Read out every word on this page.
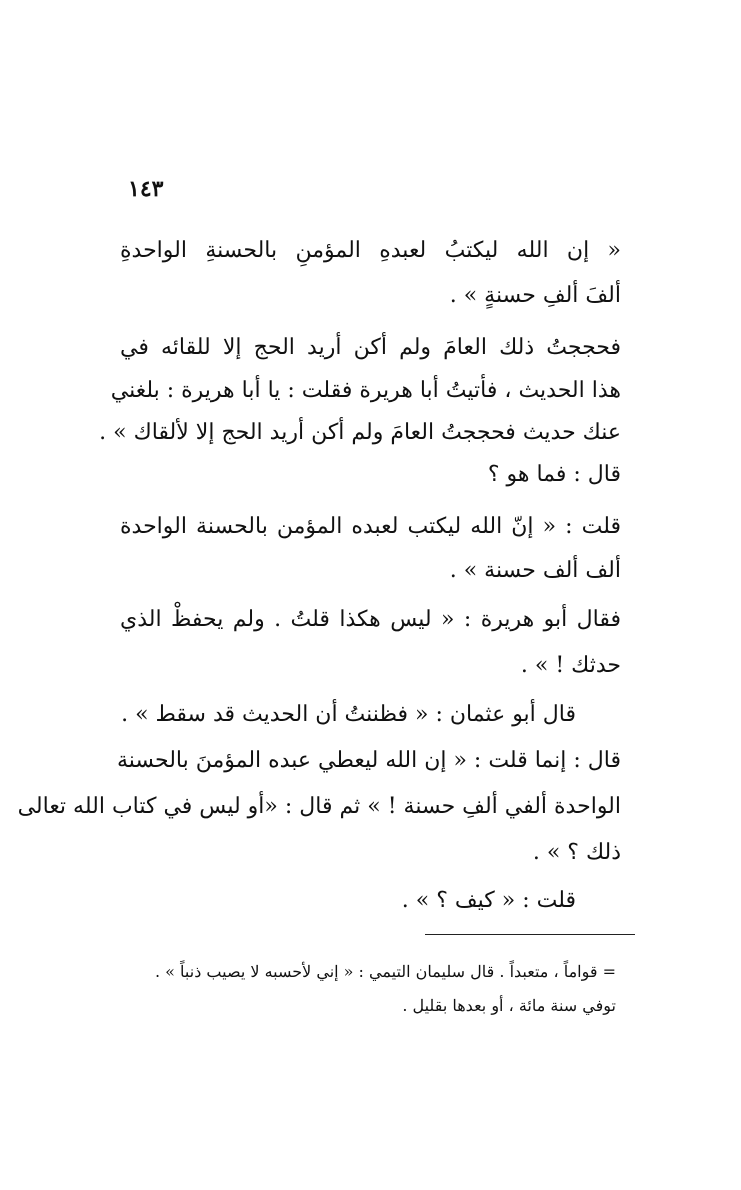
١٤٣
« إن الله ليكتبُ لعبدهِ المؤمنِ بالحسنةِ الواحدةِ
ألفَ ألفِ حسنةٍ » .
فحججتُ ذلك العامَ ولم أكن أريد الحج إلا للقائه في
هذا الحديث ، فأتيتُ أبا هريرة فقلت : يا أبا هريرة : بلغني
عنك حديث فحججتُ العامَ ولم أكن أريد الحج إلا لألقاك » .
قال : فما هو ؟
قلت : « إنّ الله ليكتب لعبده المؤمن بالحسنة الواحدة
ألف ألف حسنة » .
فقال أبو هريرة : « ليس هكذا قلتُ . ولم يحفظْ الذي
حدثك ! » .
قال أبو عثمان : « فظننتُ أن الحديث قد سقط » .
قال : إنما قلت : « إن الله ليعطي عبده المؤمنَ بالحسنة
الواحدة ألفي ألفِ حسنة ! » ثم قال : «أو ليس في كتاب الله تعالى
ذلك ؟ » .
قلت : « كيف ؟ » .
= قواماً ، متعبداً . قال سليمان التيمي : « إني لأحسبه لا يصيب ذنباً » .
توفي سنة مائة ، أو بعدها بقليل .
